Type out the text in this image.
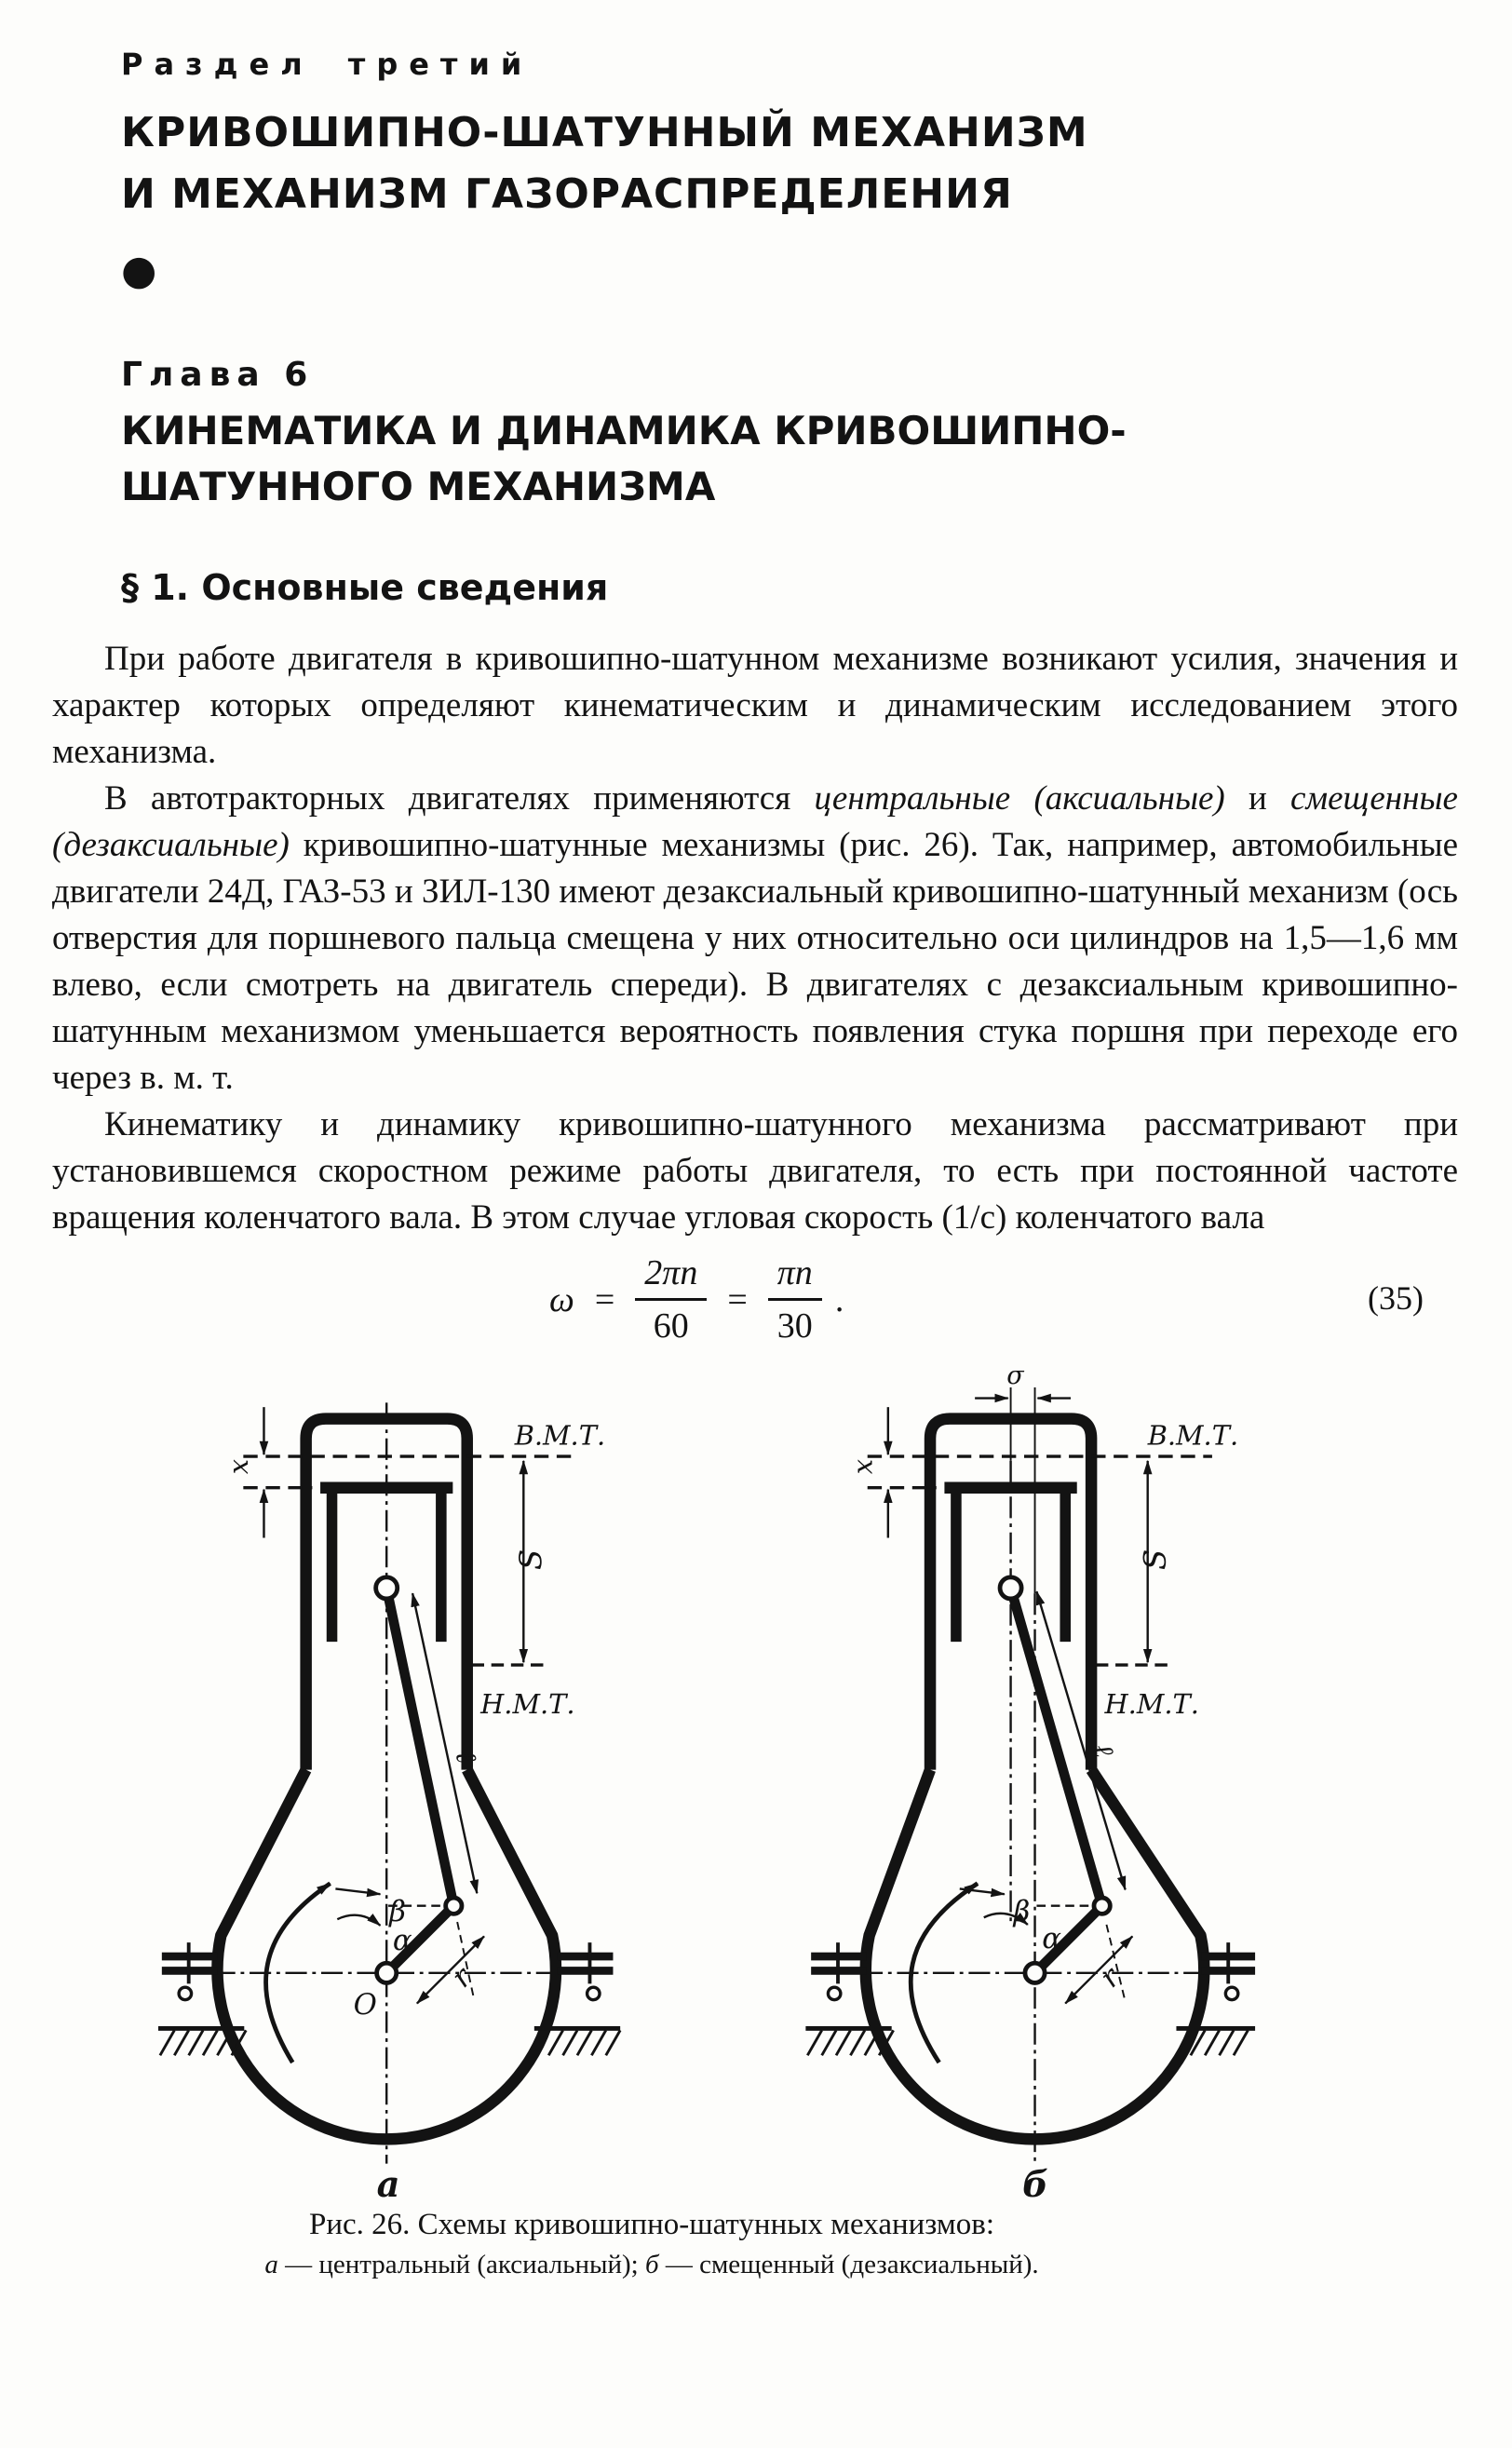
Раздел третий
КРИВОШИПНО-ШАТУННЫЙ МЕХАНИЗМ
И МЕХАНИЗМ ГАЗОРАСПРЕДЕЛЕНИЯ
●
Глава 6
КИНЕМАТИКА И ДИНАМИКА КРИВОШИПНО-
ШАТУННОГО МЕХАНИЗМА
§ 1. Основные сведения

При работе двигателя в кривошипно-шатунном механизме возникают усилия, значения и характер которых определяют кинематическим и динамическим исследованием этого механизма.

В автотракторных двигателях применяются центральные (аксиальные) и смещенные (дезаксиальные) кривошипно-шатунные механизмы (рис. 26). Так, например, автомобильные двигатели 24Д, ГАЗ-53 и ЗИЛ-130 имеют дезаксиальный кривошипно-шатунный механизм (ось отверстия для поршневого пальца смещена у них относительно оси цилиндров на 1,5—1,6 мм влево, если смотреть на двигатель спереди). В двигателях с дезаксиальным кривошипно-шатунным механизмом уменьшается вероятность появления стука поршня при переходе его через в. м. т.

Кинематику и динамику кривошипно-шатунного механизма рассматривают при установившемся скоростном режиме работы двигателя, то есть при постоянной частоте вращения коленчатого вала. В этом случае угловая скорость (1/с) коленчатого вала

$\omega = \frac{2\pi n}{60} = \frac{\pi n}{30}$ .	(35)
В.М.Т.
Н.М.Т.
х
S
ℓ
β
α
r
O
а
В.М.Т.
Н.М.Т.
х
σ
S
ℓ
β
α
r
б
Рис. 26. Схемы кривошипно-шатунных механизмов:
а — центральный (аксиальный); б — смещенный (дезаксиальный).
